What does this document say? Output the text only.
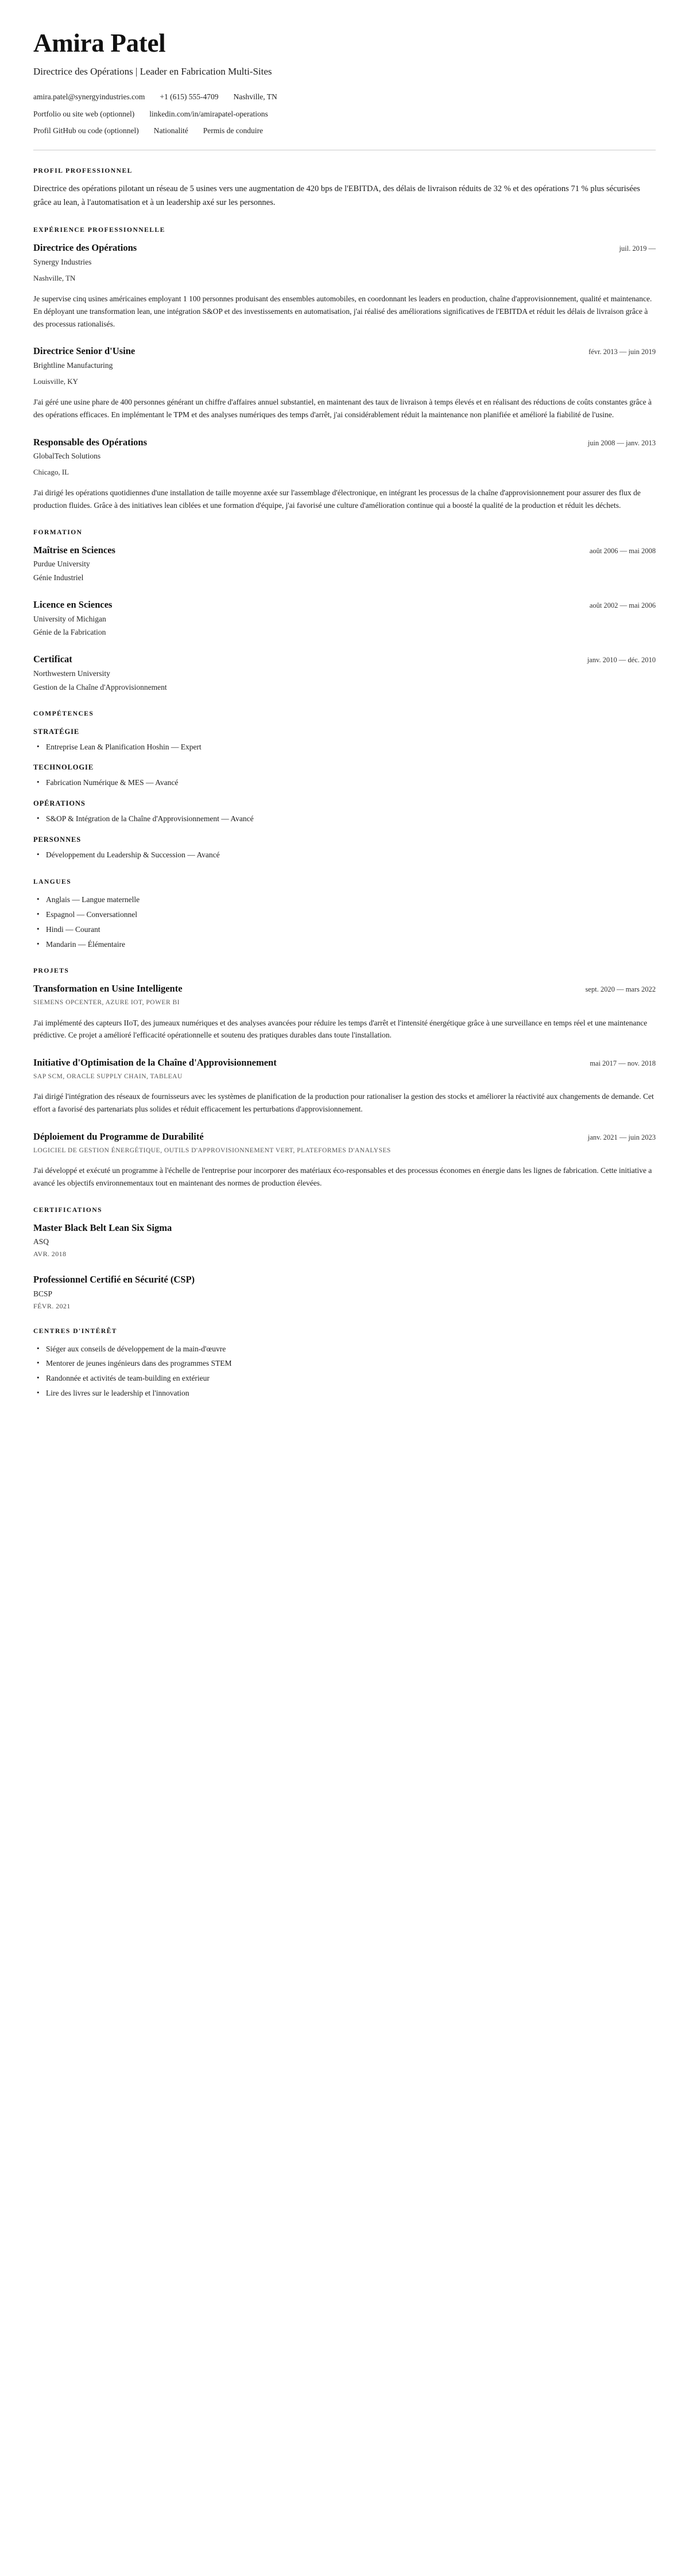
Amira Patel
Directrice des Opérations | Leader en Fabrication Multi-Sites
amira.patel@synergyindustries.com +1 (615) 555-4709 Nashville, TN
Portfolio ou site web (optionnel) linkedin.com/in/amirapatel-operations
Profil GitHub ou code (optionnel) Nationalité Permis de conduire
PROFIL PROFESSIONNEL

Directrice des opérations pilotant un réseau de 5 usines vers une augmentation de 420 bps de l'EBITDA, des délais de livraison réduits de 32 % et des opérations 71 % plus sécurisées grâce au lean, à l'automatisation et à un leadership axé sur les personnes.

EXPÉRIENCE PROFESSIONNELLE
Directrice des Opérations	juil. 2019 —
Synergy Industries
Nashville, TN
Je supervise cinq usines américaines employant 1 100 personnes produisant des ensembles automobiles, en coordonnant les leaders en production, chaîne d'approvisionnement, qualité et maintenance. En déployant une transformation lean, une intégration S&OP et des investissements en automatisation, j'ai réalisé des améliorations significatives de l'EBITDA et réduit les délais de livraison grâce à des processus rationalisés.
Directrice Senior d'Usine	févr. 2013 — juin 2019
Brightline Manufacturing
Louisville, KY
J'ai géré une usine phare de 400 personnes générant un chiffre d'affaires annuel substantiel, en maintenant des taux de livraison à temps élevés et en réalisant des réductions de coûts constantes grâce à des opérations efficaces. En implémentant le TPM et des analyses numériques des temps d'arrêt, j'ai considérablement réduit la maintenance non planifiée et amélioré la fiabilité de l'usine.
Responsable des Opérations	juin 2008 — janv. 2013
GlobalTech Solutions
Chicago, IL
J'ai dirigé les opérations quotidiennes d'une installation de taille moyenne axée sur l'assemblage d'électronique, en intégrant les processus de la chaîne d'approvisionnement pour assurer des flux de production fluides. Grâce à des initiatives lean ciblées et une formation d'équipe, j'ai favorisé une culture d'amélioration continue qui a boosté la qualité de la production et réduit les déchets.
FORMATION
Maîtrise en Sciences	août 2006 — mai 2008
Purdue University
Génie Industriel
Licence en Sciences	août 2002 — mai 2006
University of Michigan
Génie de la Fabrication
Certificat	janv. 2010 — déc. 2010
Northwestern University
Gestion de la Chaîne d'Approvisionnement
COMPÉTENCES
STRATÉGIE
• Entreprise Lean & Planification Hoshin — Expert
TECHNOLOGIE
• Fabrication Numérique & MES — Avancé
OPÉRATIONS
• S&OP & Intégration de la Chaîne d'Approvisionnement — Avancé
PERSONNES
• Développement du Leadership & Succession — Avancé
LANGUES
• Anglais — Langue maternelle
• Espagnol — Conversationnel
• Hindi — Courant
• Mandarin — Élémentaire
PROJETS
Transformation en Usine Intelligente	sept. 2020 — mars 2022
SIEMENS OPCENTER, AZURE IOT, POWER BI
J'ai implémenté des capteurs IIoT, des jumeaux numériques et des analyses avancées pour réduire les temps d'arrêt et l'intensité énergétique grâce à une surveillance en temps réel et une maintenance prédictive. Ce projet a amélioré l'efficacité opérationnelle et soutenu des pratiques durables dans toute l'installation.
Initiative d'Optimisation de la Chaîne d'Approvisionnement	mai 2017 — nov. 2018
SAP SCM, ORACLE SUPPLY CHAIN, TABLEAU
J'ai dirigé l'intégration des réseaux de fournisseurs avec les systèmes de planification de la production pour rationaliser la gestion des stocks et améliorer la réactivité aux changements de demande. Cet effort a favorisé des partenariats plus solides et réduit efficacement les perturbations d'approvisionnement.
Déploiement du Programme de Durabilité	janv. 2021 — juin 2023
LOGICIEL DE GESTION ÉNERGÉTIQUE, OUTILS D'APPROVISIONNEMENT VERT, PLATEFORMES D'ANALYSES
J'ai développé et exécuté un programme à l'échelle de l'entreprise pour incorporer des matériaux éco-responsables et des processus économes en énergie dans les lignes de fabrication. Cette initiative a avancé les objectifs environnementaux tout en maintenant des normes de production élevées.
CERTIFICATIONS
Master Black Belt Lean Six Sigma
ASQ
AVR. 2018
Professionnel Certifié en Sécurité (CSP)
BCSP
FÉVR. 2021
CENTRES D'INTÉRÊT
• Siéger aux conseils de développement de la main-d'œuvre
• Mentorer de jeunes ingénieurs dans des programmes STEM
• Randonnée et activités de team-building en extérieur
• Lire des livres sur le leadership et l'innovation
